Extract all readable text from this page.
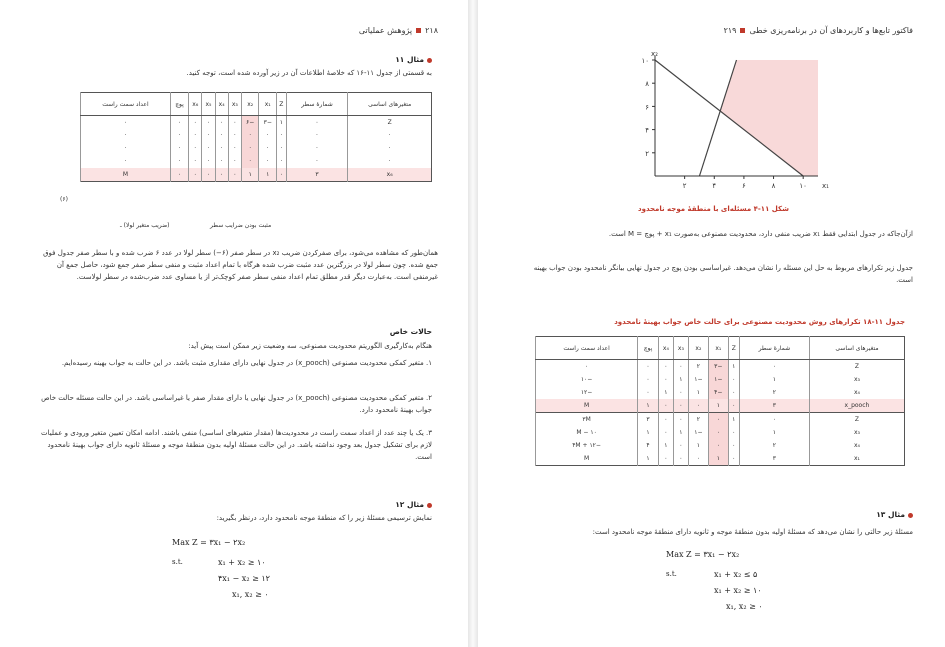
۲۱۸پژوهش عملیاتی
مثال ۱۱
به قسمتی از جدول ۱۱-۱۶ که خلاصهٔ اطلاعات آن در زیر آورده شده است، توجه کنید.
متغیرهای اساسی	شمارهٔ سطر	Z	x₁	x₂	x₃	x₄	x₅	x₆	پوچ	اعداد سمت راست
Z	۰	۱	−۳	−۶	۰	۰	۰	۰	۰	۰
·	·	·	·	·	·	·	·	·	·	·
·	·	·	·	·	·	·	·	·	·	·
·	·	·	·	·	·	·	·	·	·	·
x₆	۳	۰	۱	۱	۰	۰	۰	۰	۰	M
(۶)
(ضریب متغیر لولا) ـ	مثبت بودن ضرایب سطر
همان‌طور که مشاهده می‌شود، برای صفرکردن ضریب x₂ در سطر صفر (۶−) سطر لولا در عدد ۶ ضرب شده و با سطر صفر جدول فوق جمع شده. چون سطر لولا در بزرگترین عدد مثبت ضرب شده هرگاه با تمام اعداد مثبت و منفی سطر صفر جمع شود، حاصل جمع آن غیرمنفی است. به‌عبارت دیگر قدر مطلق تمام اعداد منفی سطر صفر کوچک‌تر از یا مساوی عدد ضرب‌شده در سطر لولاست.
حالات خاص
هنگام به‌کارگیری الگوریتم محدودیت مصنوعی، سه وضعیت زیر ممکن است پیش آید:
۱. متغیر کمکی محدودیت مصنوعی (x_pooch) در جدول نهایی دارای مقداری مثبت باشد. در این حالت به جواب بهینه رسیده‌ایم.
۲. متغیر کمکی محدودیت مصنوعی (x_pooch) در جدول نهایی یا دارای مقدار صفر یا غیراساسی باشد. در این حالت مسئله حالت خاص جواب بهینهٔ نامحدود دارد.
۳. یک یا چند عدد از اعداد سمت راست در محدودیت‌ها (مقدار متغیرهای اساسی) منفی باشند. ادامه امکان تعیین متغیر ورودی و عملیات لازم برای تشکیل جدول بعد وجود نداشته باشد. در این حالت مسئلهٔ اولیه بدون منطقهٔ موجه و مسئلهٔ ثانویه دارای جواب بهینهٔ نامحدود است.
مثال ۱۲
نمایش ترسیمی مسئلهٔ زیر را که منطقهٔ موجه نامحدود دارد، درنظر بگیرید:
Max Z = ۳x₁ − ۲x₂
s.t.	x₁ + x₂ ≥ ۱۰
۴x₁ − x₂ ≥ ۱۲
x₁, x₂ ≥ ۰
فاکتور تابع‌ها و کاربردهای آن در برنامه‌ریزی خطی۲۱۹
۲	۴	۶	۸	۱۰
۲
۴
۶
۸
۱۰
x₁
x₂
شکل ۱۱-۴ مسئله‌ای با منطقهٔ موجه نامحدود
ازآن‌جاکه در جدول ابتدایی فقط x₁ ضریب منفی دارد، محدودیت مصنوعی به‌صورت x₁ + پوچ = M است.
جدول زیر تکرارهای مربوط به حل این مسئله را نشان می‌دهد. غیراساسی بودن پوچ در جدول نهایی بیانگر نامحدود بودن جواب بهینه است.
جدول ۱۱-۱۸ تکرارهای روش محدودیت مصنوعی برای حالت خاص جواب بهینهٔ نامحدود
متغیرهای اساسی	شمارهٔ سطر	Z	x₁	x₂	x₃	x₄	پوچ	اعداد سمت راست
Z	۰	۱	−۳	۲	۰	۰	۰	۰
x₃	۱	۰	−۱	−۱	۱	۰	۰	−۱۰
x₄	۲	۰	−۴	۱	۰	۱	۰	−۱۲
x_pooch	۳	۰	۱	۰	۰	۰	۱	M
Z	۰	۱	۰	۲	۰	۰	۳	۳M
x₃	۱	۰	۰	−۱	۱	۰	۱	M − ۱۰
x₄	۲	۰	۰	۱	۰	۱	۴	−۱۲ + ۴M
x₁	۳	۰	۱	۰	۰	۰	۱	M
مثال ۱۳
مسئلهٔ زیر حالتی را نشان می‌دهد که مسئلهٔ اولیه بدون منطقهٔ موجه و ثانویه دارای منطقهٔ موجه نامحدود است:
Max Z = ۳x₁ − ۲x₂
s.t.	x₁ + x₂ ≤ ۵
x₁ + x₂ ≥ ۱۰
x₁, x₂ ≥ ۰
